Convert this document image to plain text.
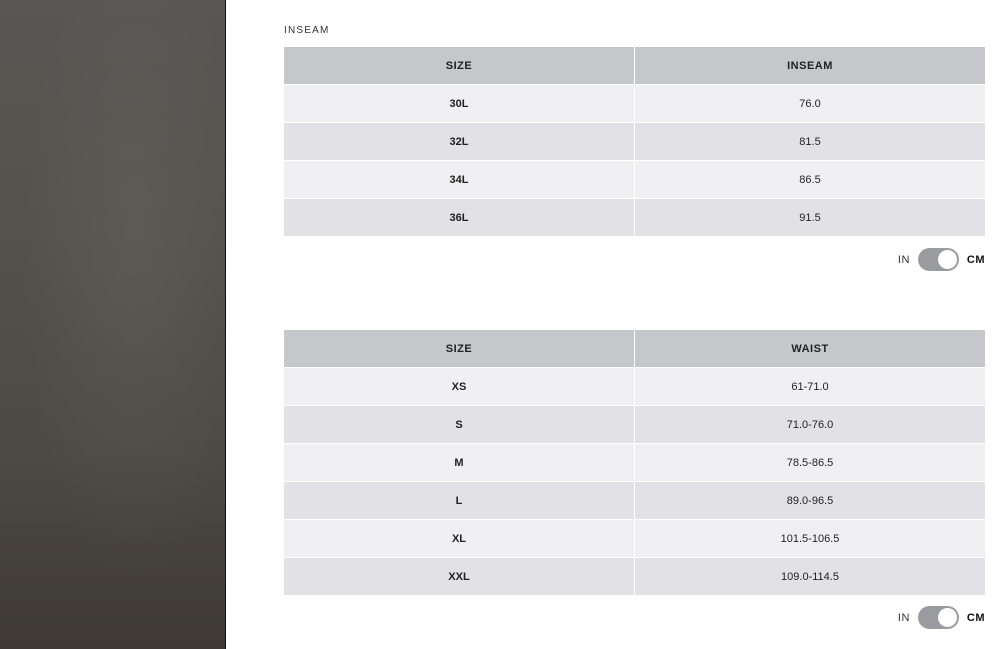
INSEAM
SIZE	INSEAM
30L	76.0
32L	81.5
34L	86.5
36L	91.5
IN	CM
SIZE	WAIST
XS	61-71.0
S	71.0-76.0
M	78.5-86.5
L	89.0-96.5
XL	101.5-106.5
XXL	109.0-114.5
IN	CM
